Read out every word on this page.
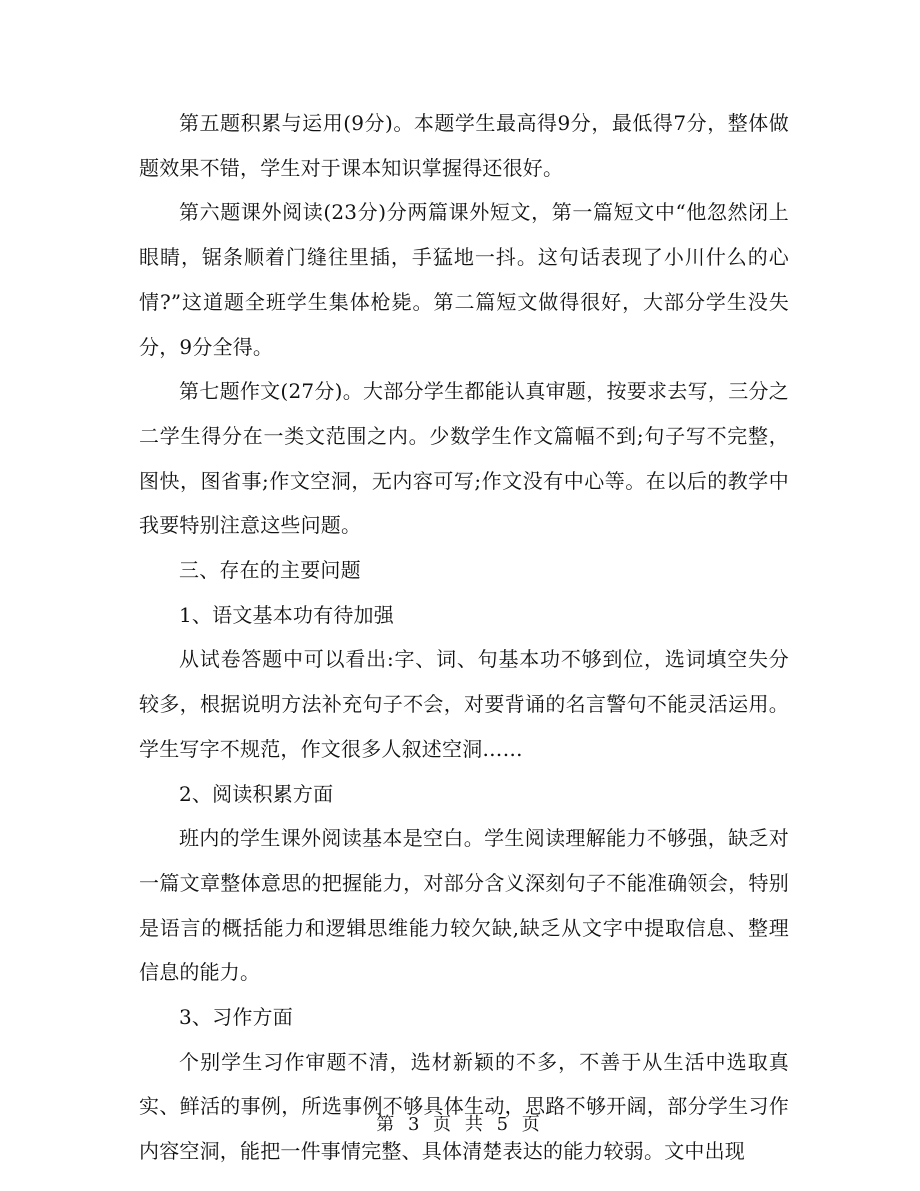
第五题积累与运用(9分)。本题学生最高得9分，最低得7分，整体做题效果不错，学生对于课本知识掌握得还很好。

第六题课外阅读(23分)分两篇课外短文，第一篇短文中“他忽然闭上眼睛，锯条顺着门缝往里插，手猛地一抖。这句话表现了小川什么的心情?”这道题全班学生集体枪毙。第二篇短文做得很好，大部分学生没失分，9分全得。

第七题作文(27分)。大部分学生都能认真审题，按要求去写，三分之二学生得分在一类文范围之内。少数学生作文篇幅不到;句子写不完整，图快，图省事;作文空洞，无内容可写;作文没有中心等。在以后的教学中我要特别注意这些问题。

三、存在的主要问题

1、语文基本功有待加强

从试卷答题中可以看出:字、词、句基本功不够到位，选词填空失分较多，根据说明方法补充句子不会，对要背诵的名言警句不能灵活运用。学生写字不规范，作文很多人叙述空洞……

2、阅读积累方面

班内的学生课外阅读基本是空白。学生阅读理解能力不够强，缺乏对一篇文章整体意思的把握能力，对部分含义深刻句子不能准确领会，特别是语言的概括能力和逻辑思维能力较欠缺,缺乏从文字中提取信息、整理信息的能力。

3、习作方面

个别学生习作审题不清，选材新颖的不多，不善于从生活中选取真实、鲜活的事例，所选事例不够具体生动，思路不够开阔，部分学生习作内容空洞，能把一件事情完整、具体清楚表达的能力较弱。文中出现

第 3 页 共 5 页
